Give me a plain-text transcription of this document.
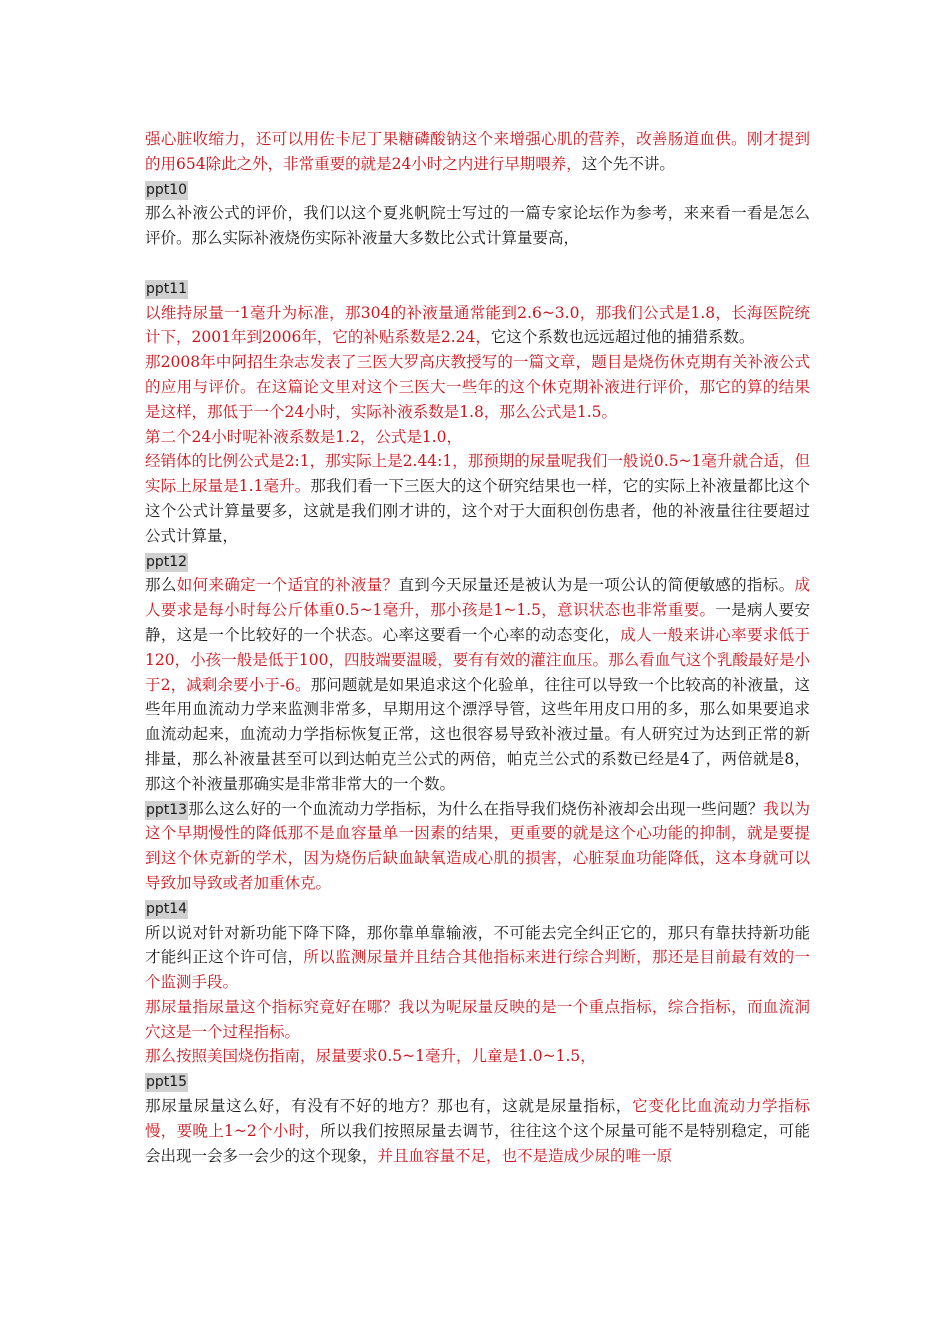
强心脏收缩力，还可以用佐卡尼丁果糖磷酸钠这个来增强心肌的营养，改善肠道血供。刚才提到的用654除此之外，非常重要的就是24小时之内进行早期喂养，这个先不讲。

ppt10

那么补液公式的评价，我们以这个夏兆帆院士写过的一篇专家论坛作为参考，来来看一看是怎么评价。那么实际补液烧伤实际补液量大多数比公式计算量要高，

ppt11

以维持尿量一1毫升为标准，那304的补液量通常能到2.6~3.0，那我们公式是1.8，长海医院统计下，2001年到2006年，它的补贴系数是2.24，它这个系数也远远超过他的捕猎系数。

那2008年中阿招生杂志发表了三医大罗高庆教授写的一篇文章，题目是烧伤休克期有关补液公式的应用与评价。在这篇论文里对这个三医大一些年的这个休克期补液进行评价，那它的算的结果是这样，那低于一个24小时，实际补液系数是1.8，那么公式是1.5。

第二个24小时呢补液系数是1.2，公式是1.0，

经销体的比例公式是2:1，那实际上是2.44:1，那预期的尿量呢我们一般说0.5~1毫升就合适，但实际上尿量是1.1毫升。那我们看一下三医大的这个研究结果也一样，它的实际上补液量都比这个这个公式计算量要多，这就是我们刚才讲的，这个对于大面积创伤患者，他的补液量往往要超过公式计算量，

ppt12

那么如何来确定一个适宜的补液量？直到今天尿量还是被认为是一项公认的简便敏感的指标。成人要求是每小时每公斤体重0.5~1毫升，那小孩是1~1.5，意识状态也非常重要。一是病人要安静，这是一个比较好的一个状态。心率这要看一个心率的动态变化，成人一般来讲心率要求低于120，小孩一般是低于100，四肢端要温暖，要有有效的灌注血压。那么看血气这个乳酸最好是小于2，减剩余要小于-6。那问题就是如果追求这个化验单，往往可以导致一个比较高的补液量，这些年用血流动力学来监测非常多，早期用这个漂浮导管，这些年用皮口用的多，那么如果要追求血流动起来，血流动力学指标恢复正常，这也很容易导致补液过量。有人研究过为达到正常的新排量，那么补液量甚至可以到达帕克兰公式的两倍，帕克兰公式的系数已经是4了，两倍就是8，那这个补液量那确实是非常非常大的一个数。

ppt13那么这么好的一个血流动力学指标，为什么在指导我们烧伤补液却会出现一些问题？我以为这个早期慢性的降低那不是血容量单一因素的结果，更重要的就是这个心功能的抑制，就是要提到这个休克新的学术，因为烧伤后缺血缺氧造成心肌的损害，心脏泵血功能降低，这本身就可以导致加导致或者加重休克。

ppt14

所以说对针对新功能下降下降，那你靠单靠输液，不可能去完全纠正它的，那只有靠扶持新功能才能纠正这个许可信，所以监测尿量并且结合其他指标来进行综合判断，那还是目前最有效的一个监测手段。

那尿量指尿量这个指标究竟好在哪？我以为呢尿量反映的是一个重点指标，综合指标，而血流洞穴这是一个过程指标。

那么按照美国烧伤指南，尿量要求0.5~1毫升，儿童是1.0~1.5，

ppt15

那尿量尿量这么好，有没有不好的地方？那也有，这就是尿量指标，它变化比血流动力学指标慢，要晚上1~2个小时，所以我们按照尿量去调节，往往这个这个尿量可能不是特别稳定，可能会出现一会多一会少的这个现象，并且血容量不足，也不是造成少尿的唯一原
